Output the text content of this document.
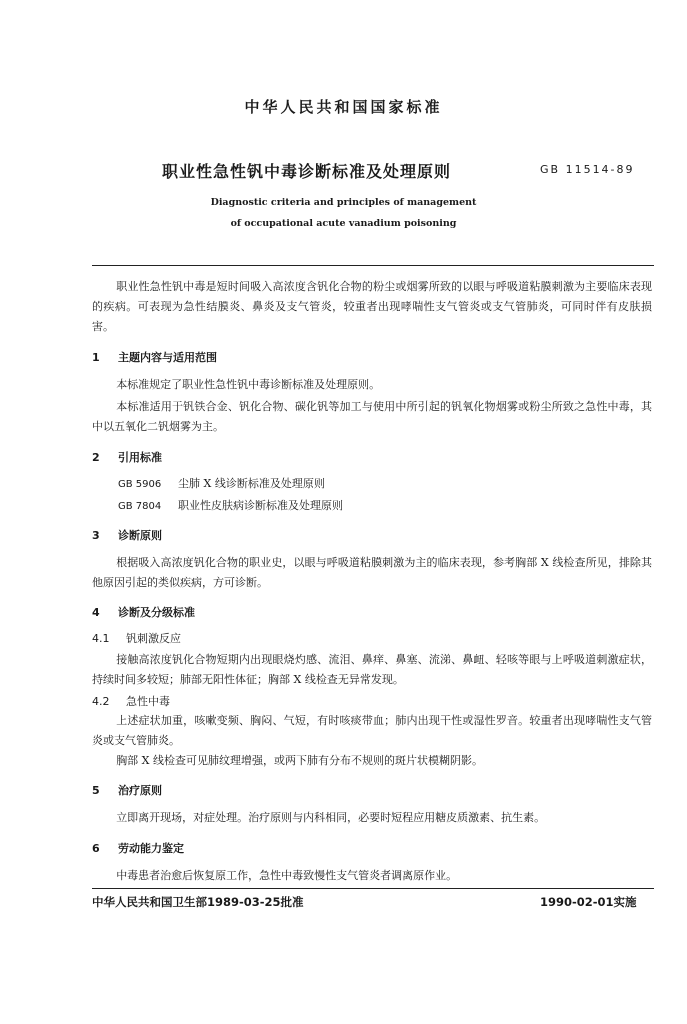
中华人民共和国国家标准
职业性急性钒中毒诊断标准及处理原则	GB 11514-89
Diagnostic criteria and principles of management
of occupational acute vanadium poisoning
职业性急性钒中毒是短时间吸入高浓度含钒化合物的粉尘或烟雾所致的以眼与呼吸道粘膜刺激为主要临床表现的疾病。可表现为急性结膜炎、鼻炎及支气管炎，较重者出现哮喘性支气管炎或支气管肺炎，可同时伴有皮肤损害。
1 主题内容与适用范围
本标准规定了职业性急性钒中毒诊断标准及处理原则。
本标准适用于钒铁合金、钒化合物、碳化钒等加工与使用中所引起的钒氧化物烟雾或粉尘所致之急性中毒，其中以五氧化二钒烟雾为主。
2 引用标准
GB 5906 尘肺 X 线诊断标准及处理原则
GB 7804 职业性皮肤病诊断标准及处理原则
3 诊断原则
根据吸入高浓度钒化合物的职业史，以眼与呼吸道粘膜刺激为主的临床表现，参考胸部 X 线检查所见，排除其他原因引起的类似疾病，方可诊断。
4 诊断及分级标准
4.1 钒刺激反应
接触高浓度钒化合物短期内出现眼烧灼感、流泪、鼻痒、鼻塞、流涕、鼻衄、轻咳等眼与上呼吸道刺激症状，持续时间多较短；肺部无阳性体征；胸部 X 线检查无异常发现。
4.2 急性中毒
上述症状加重，咳嗽变频、胸闷、气短，有时咳痰带血；肺内出现干性或湿性罗音。较重者出现哮喘性支气管炎或支气管肺炎。
胸部 X 线检查可见肺纹理增强，或两下肺有分布不规则的斑片状模糊阴影。
5 治疗原则
立即离开现场，对症处理。治疗原则与内科相同，必要时短程应用糖皮质激素、抗生素。
6 劳动能力鉴定
中毒患者治愈后恢复原工作，急性中毒致慢性支气管炎者调离原作业。
中华人民共和国卫生部1989-03-25批准	1990-02-01实施
